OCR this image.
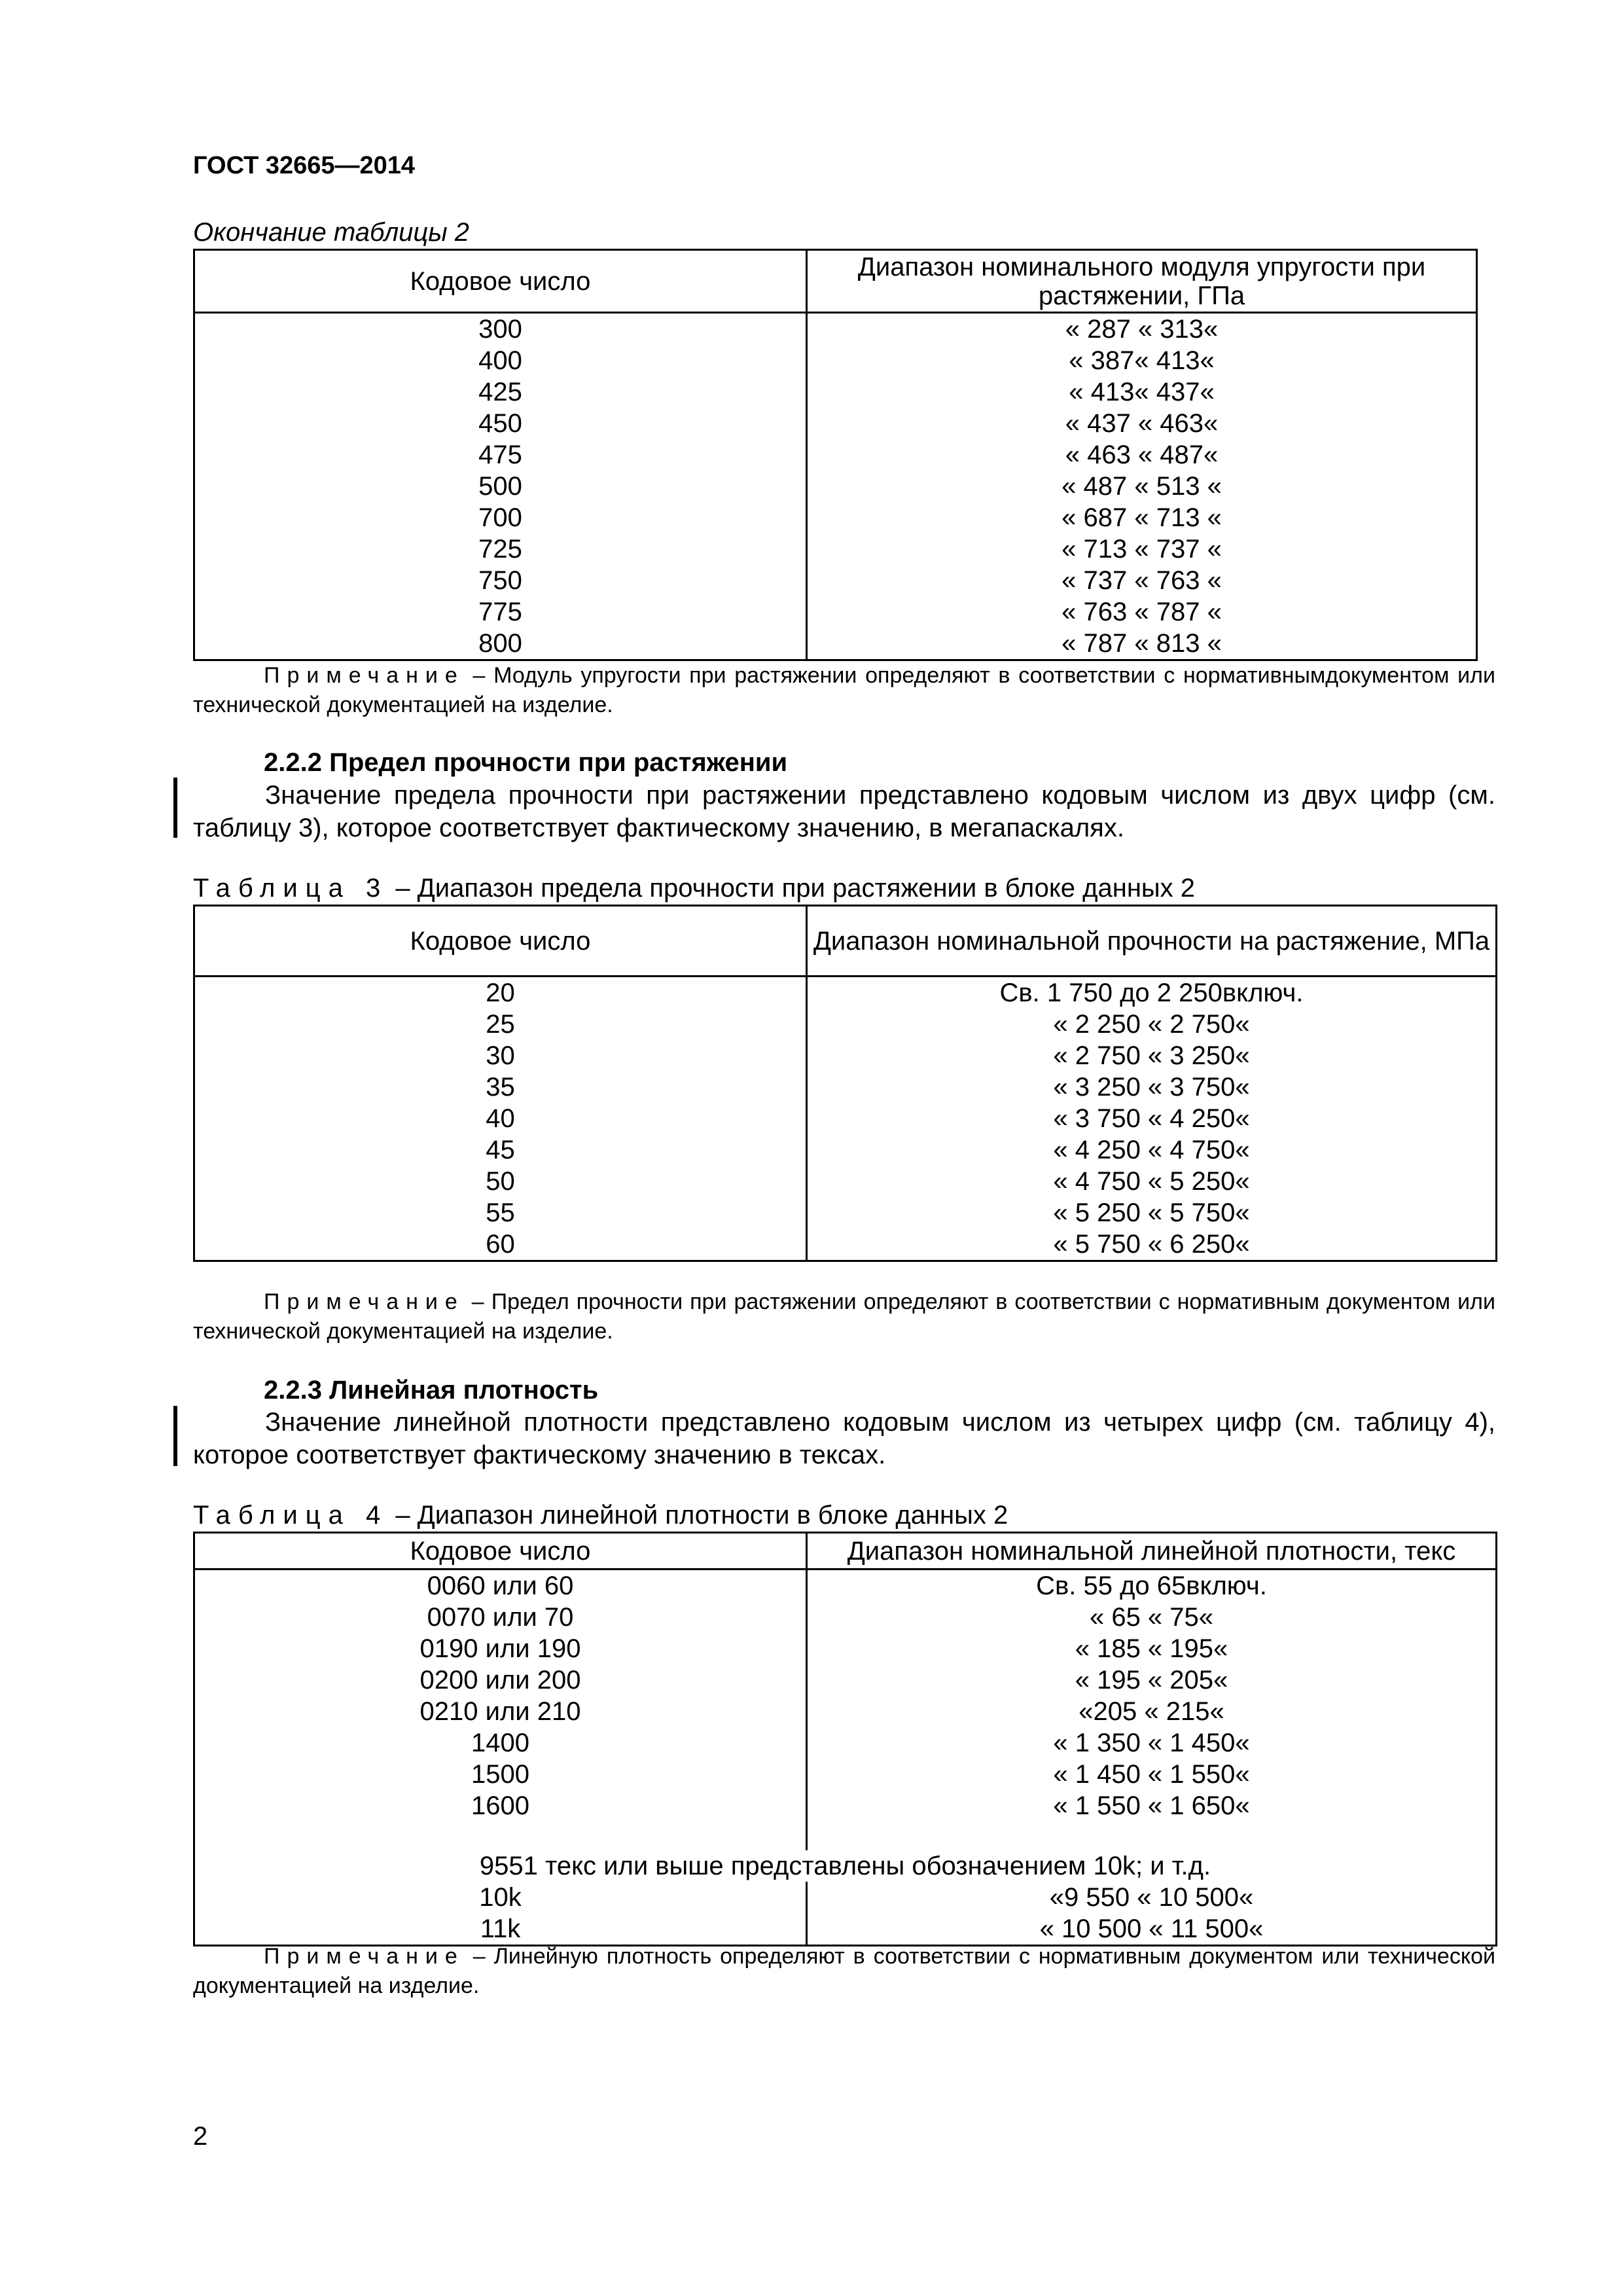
ГОСТ 32665—2014
Окончание таблицы 2
Кодовое число	Диапазон номинального модуля упругости при растяжении, ГПа
300	« 287 « 313«
400	« 387« 413«
425	« 413« 437«
450	« 437 « 463«
475	« 463 « 487«
500	« 487 « 513 «
700	« 687 « 713 «
725	« 713 « 737 «
750	« 737 « 763 «
775	« 763 « 787 «
800	« 787 « 813 «
Примечание – Модуль упругости при растяжении определяют в соответствии с нормативнымдокументом или технической документацией на изделие.
2.2.2 Предел прочности при растяжении
Значение предела прочности при растяжении представлено кодовым числом из двух цифр (см. таблицу 3), которое соответствует фактическому значению, в мегапаскалях.
Таблица 3 – Диапазон предела прочности при растяжении в блоке данных 2
Кодовое число	Диапазон номинальной прочности на растяжение, МПа
20	Св. 1 750 до 2 250включ.
25	« 2 250 « 2 750«
30	« 2 750 « 3 250«
35	« 3 250 « 3 750«
40	« 3 750 « 4 250«
45	« 4 250 « 4 750«
50	« 4 750 « 5 250«
55	« 5 250 « 5 750«
60	« 5 750 « 6 250«
Примечание – Предел прочности при растяжении определяют в соответствии с нормативным документом или технической документацией на изделие.
2.2.3 Линейная плотность
Значение линейной плотности представлено кодовым числом из четырех цифр (см. таблицу 4), которое соответствует фактическому значению в тексах.
Таблица 4 – Диапазон линейной плотности в блоке данных 2
Кодовое число	Диапазон номинальной линейной плотности, текс
0060 или 60	Св. 55 до 65включ.
0070 или 70	« 65 « 75«
0190 или 190	« 185 « 195«
0200 или 200	« 195 « 205«
0210 или 210	«205 « 215«
1400	« 1 350 « 1 450«
1500	« 1 450 « 1 550«
1600	« 1 550 « 1 650«

9551 текс или выше представлены обозначением 10k; и т.д.	
10k	«9 550 « 10 500«
11k	« 10 500 « 11 500«
Примечание – Линейную плотность определяют в соответствии с нормативным документом или технической документацией на изделие.
2
